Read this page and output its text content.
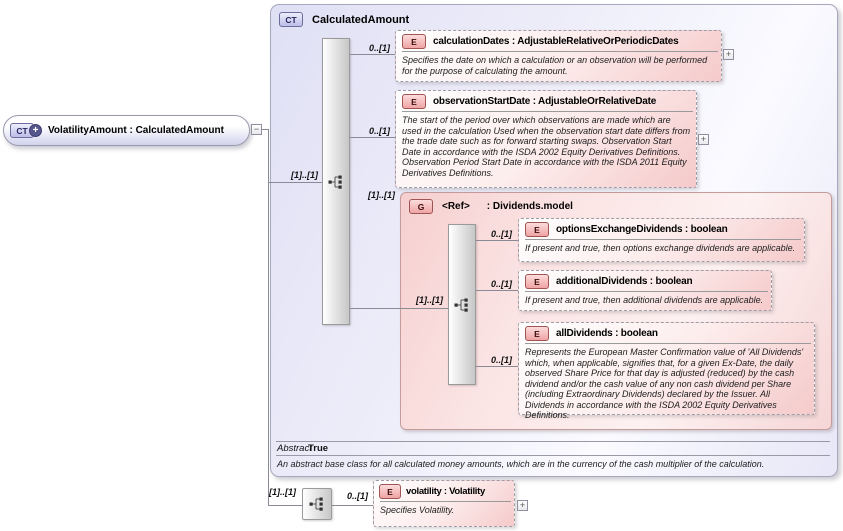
CT	CalculatedAmount
G	<Ref> : Dividends.model
[1]..[1]
0..[1]
0..[1]
[1]..[1]
[1]..[1]
0..[1]
0..[1]
0..[1]
[1]..[1]	0..[1]
E	calculationDates : AdjustableRelativeOrPeriodicDates
Specifies the date on which a calculation or an observation will be performed for the purpose of calculating the amount.
E	observationStartDate : AdjustableOrRelativeDate
The start of the period over which observations are made which are used in the calculation Used when the observation start date differs from the trade date such as for forward starting swaps. Observation Start Date in accordance with the ISDA 2002 Equity Derivatives Definitions. Observation Period Start Date in accordance with the ISDA 2011 Equity Derivatives Definitions.
E	optionsExchangeDividends : boolean
If present and true, then options exchange dividends are applicable.
E	additionalDividends : boolean
If present and true, then additional dividends are applicable.
E	allDividends : boolean
Represents the European Master Confirmation value of 'All Dividends' which, when applicable, signifies that, for a given Ex-Date, the daily observed Share Price for that day is adjusted (reduced) by the cash dividend and/or the cash value of any non cash dividend per Share (including Extraordinary Dividends) declared by the Issuer. All Dividends in accordance with the ISDA 2002 Equity Derivatives Definitions.
E	volatility : Volatility
Specifies Volatility.
Abstract
True
An abstract base class for all calculated money amounts, which are in the currency of the cash multiplier of the calculation.
CT + VolatilityAmount : CalculatedAmount	−
+
+
+
